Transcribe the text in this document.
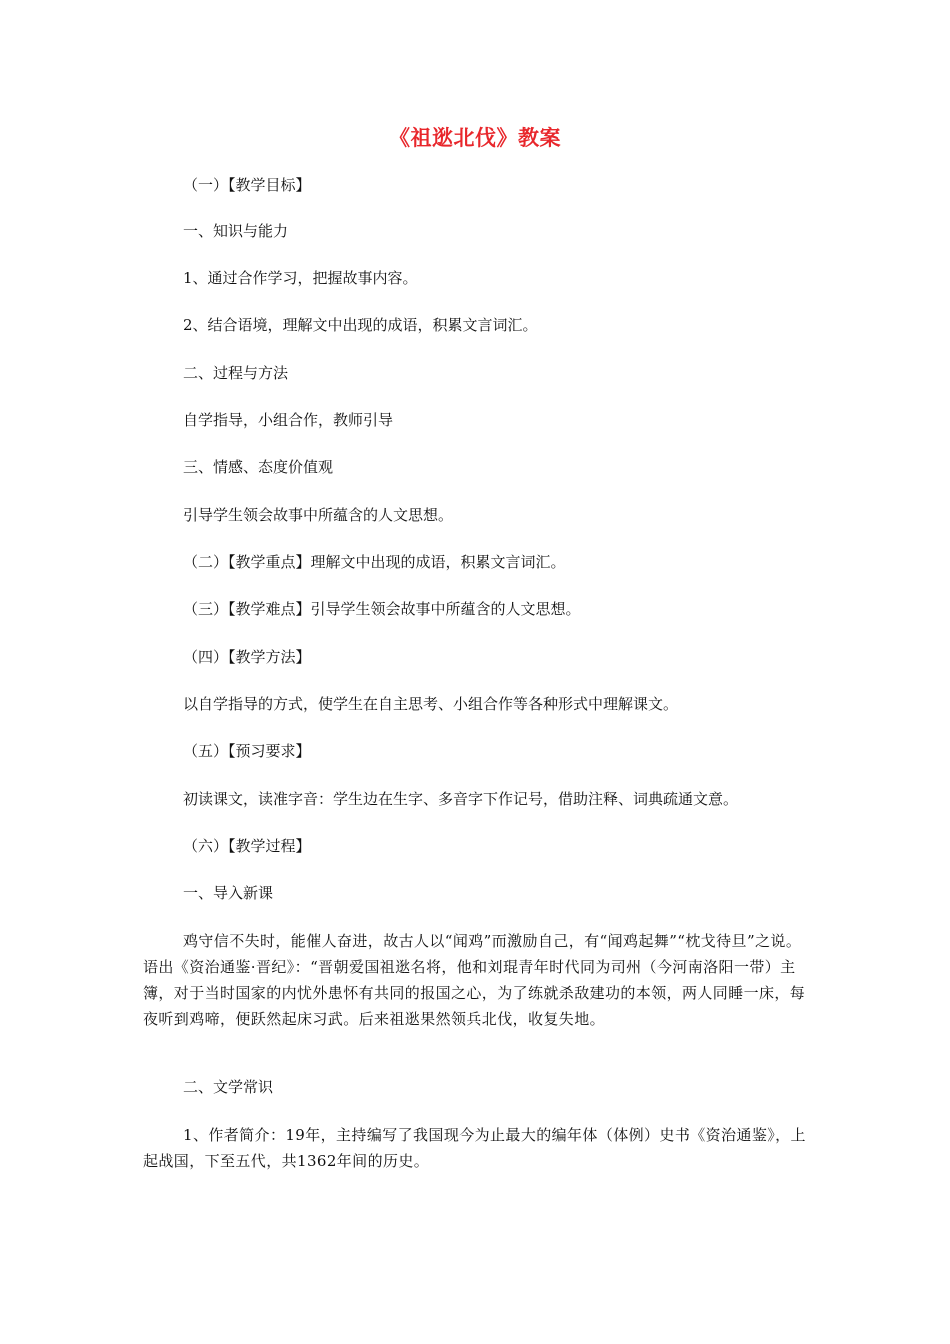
《祖逖北伐》教案
（一）【教学目标】
一、知识与能力
1、通过合作学习，把握故事内容。
2、结合语境，理解文中出现的成语，积累文言词汇。
二、过程与方法
自学指导，小组合作，教师引导
三、情感、态度价值观
引导学生领会故事中所蕴含的人文思想。
（二）【教学重点】理解文中出现的成语，积累文言词汇。
（三）【教学难点】引导学生领会故事中所蕴含的人文思想。
（四）【教学方法】
以自学指导的方式，使学生在自主思考、小组合作等各种形式中理解课文。
（五）【预习要求】
初读课文，读准字音：学生边在生字、多音字下作记号，借助注释、词典疏通文意。
（六）【教学过程】
一、导入新课
鸡守信不失时，能催人奋进，故古人以“闻鸡”而激励自己，有“闻鸡起舞”“枕戈待旦”之说。语出《资治通鉴·晋纪》：“晋朝爱国祖逖名将，他和刘琨青年时代同为司州（今河南洛阳一带）主簿，对于当时国家的内忧外患怀有共同的报国之心，为了练就杀敌建功的本领，两人同睡一床，每夜听到鸡啼，便跃然起床习武。后来祖逖果然领兵北伐，收复失地。
二、文学常识
1、作者简介：19年，主持编写了我国现今为止最大的编年体（体例）史书《资治通鉴》，上起战国，下至五代，共1362年间的历史。
